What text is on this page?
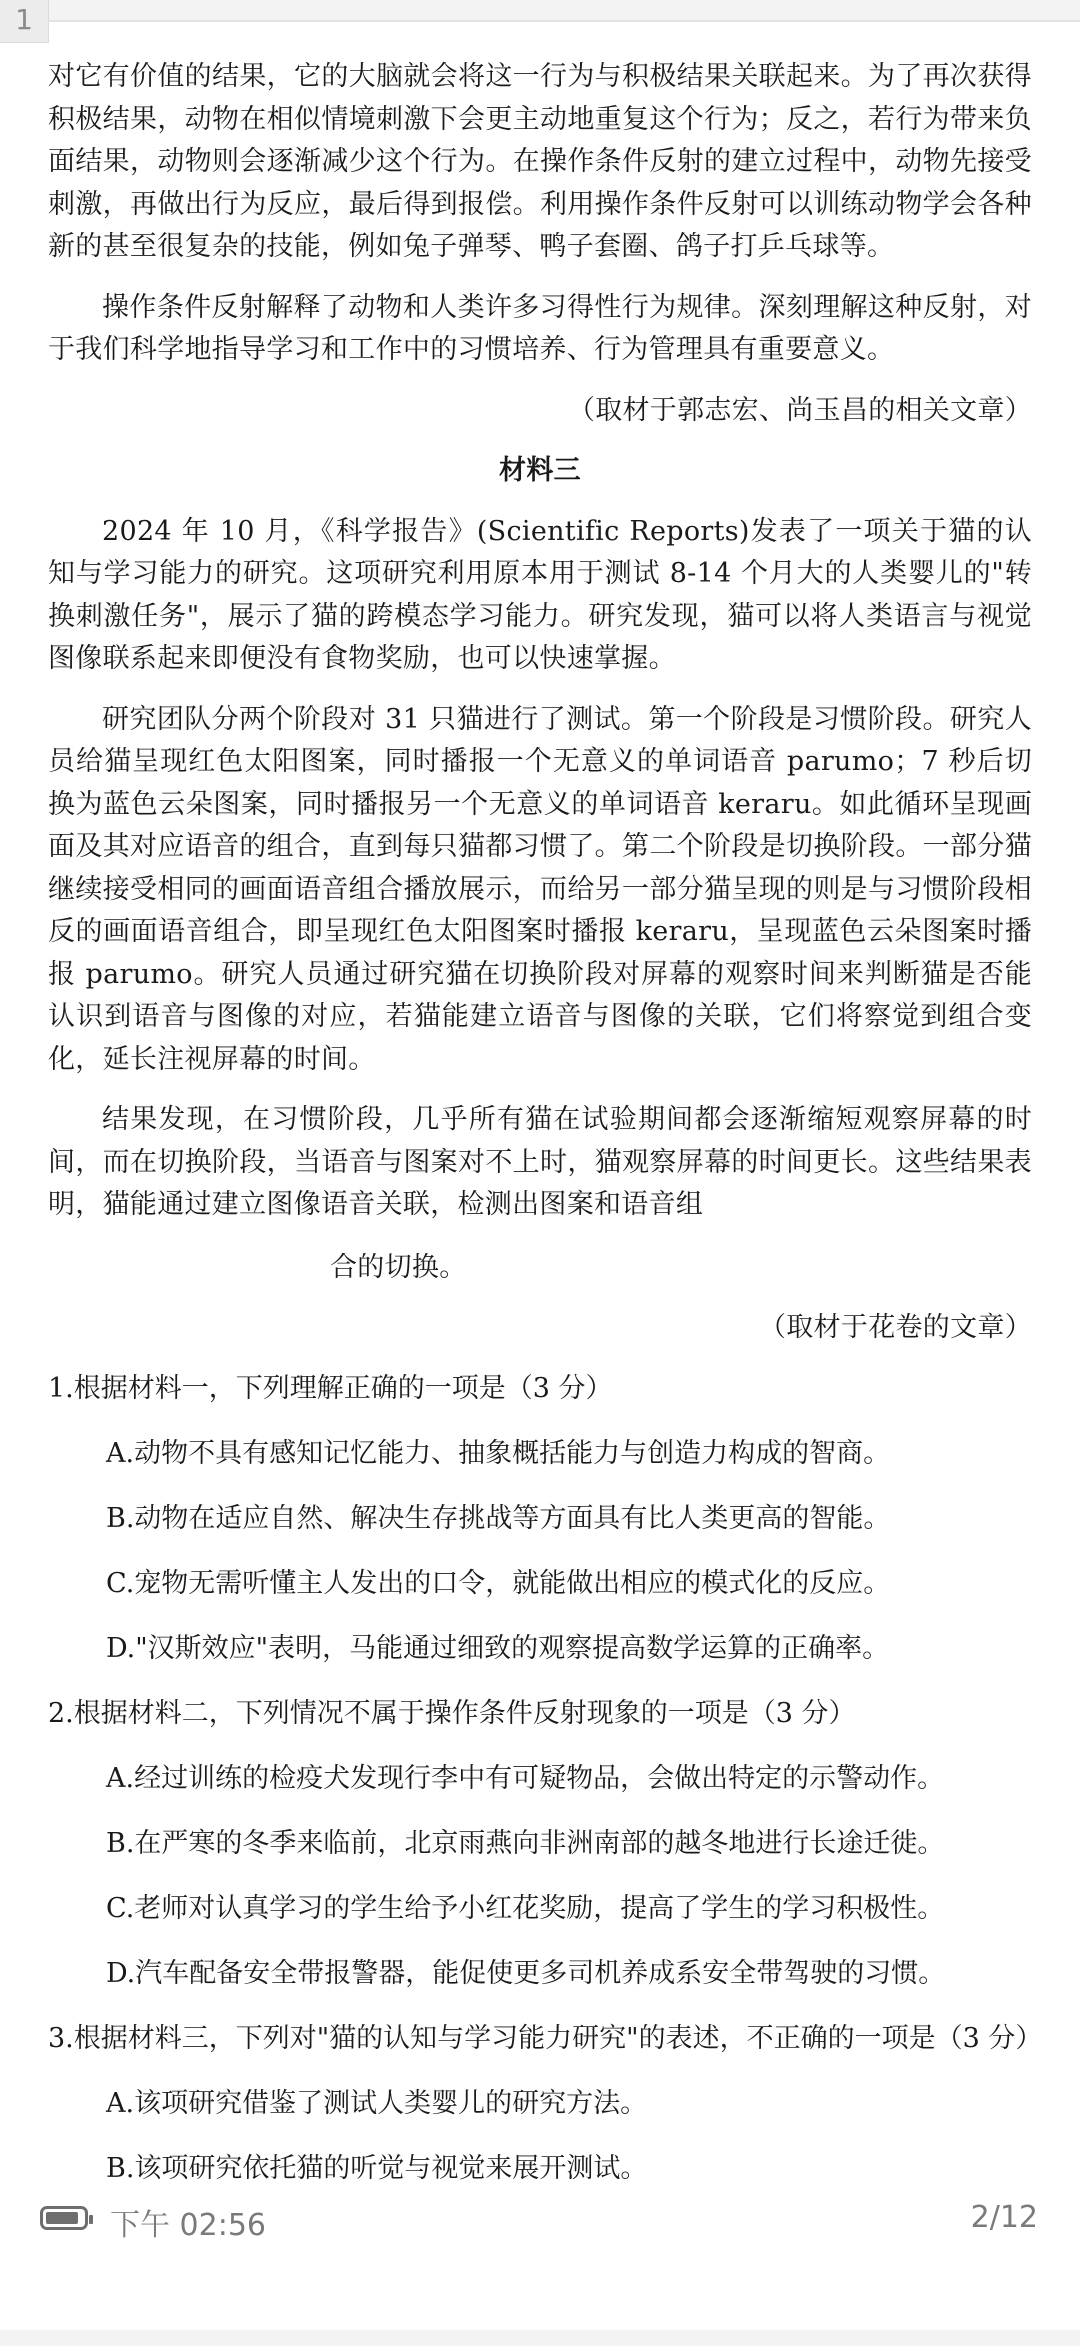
1

对它有价值的结果，它的大脑就会将这一行为与积极结果关联起来。为了再次获得积极结果，动物在相似情境刺激下会更主动地重复这个行为；反之，若行为带来负面结果，动物则会逐渐减少这个行为。在操作条件反射的建立过程中，动物先接受刺激，再做出行为反应，最后得到报偿。利用操作条件反射可以训练动物学会各种新的甚至很复杂的技能，例如兔子弹琴、鸭子套圈、鸽子打乒乓球等。

操作条件反射解释了动物和人类许多习得性行为规律。深刻理解这种反射，对于我们科学地指导学习和工作中的习惯培养、行为管理具有重要意义。

（取材于郭志宏、尚玉昌的相关文章）

材料三

2024 年 10 月，《科学报告》(Scientific Reports)发表了一项关于猫的认知与学习能力的研究。这项研究利用原本用于测试 8-14 个月大的人类婴儿的"转换刺激任务"，展示了猫的跨模态学习能力。研究发现，猫可以将人类语言与视觉图像联系起来即便没有食物奖励，也可以快速掌握。

研究团队分两个阶段对 31 只猫进行了测试。第一个阶段是习惯阶段。研究人员给猫呈现红色太阳图案，同时播报一个无意义的单词语音 parumo；7 秒后切换为蓝色云朵图案，同时播报另一个无意义的单词语音 keraru。如此循环呈现画面及其对应语音的组合，直到每只猫都习惯了。第二个阶段是切换阶段。一部分猫继续接受相同的画面语音组合播放展示，而给另一部分猫呈现的则是与习惯阶段相反的画面语音组合，即呈现红色太阳图案时播报 keraru，呈现蓝色云朵图案时播报 parumo。研究人员通过研究猫在切换阶段对屏幕的观察时间来判断猫是否能认识到语音与图像的对应，若猫能建立语音与图像的关联，它们将察觉到组合变化，延长注视屏幕的时间。

结果发现，在习惯阶段，几乎所有猫在试验期间都会逐渐缩短观察屏幕的时间，而在切换阶段，当语音与图案对不上时，猫观察屏幕的时间更长。这些结果表明，猫能通过建立图像语音关联，检测出图案和语音组

合的切换。

（取材于花卷的文章）

1.根据材料一，下列理解正确的一项是（3 分）
A.动物不具有感知记忆能力、抽象概括能力与创造力构成的智商。
B.动物在适应自然、解决生存挑战等方面具有比人类更高的智能。
C.宠物无需听懂主人发出的口令，就能做出相应的模式化的反应。
D."汉斯效应"表明，马能通过细致的观察提高数学运算的正确率。
2.根据材料二，下列情况不属于操作条件反射现象的一项是（3 分）
A.经过训练的检疫犬发现行李中有可疑物品，会做出特定的示警动作。
B.在严寒的冬季来临前，北京雨燕向非洲南部的越冬地进行长途迁徙。
C.老师对认真学习的学生给予小红花奖励，提高了学生的学习积极性。
D.汽车配备安全带报警器，能促使更多司机养成系安全带驾驶的习惯。
3.根据材料三，下列对"猫的认知与学习能力研究"的表述，不正确的一项是（3 分）
A.该项研究借鉴了测试人类婴儿的研究方法。
B.该项研究依托猫的听觉与视觉来展开测试。
下午 02:56	2/12
